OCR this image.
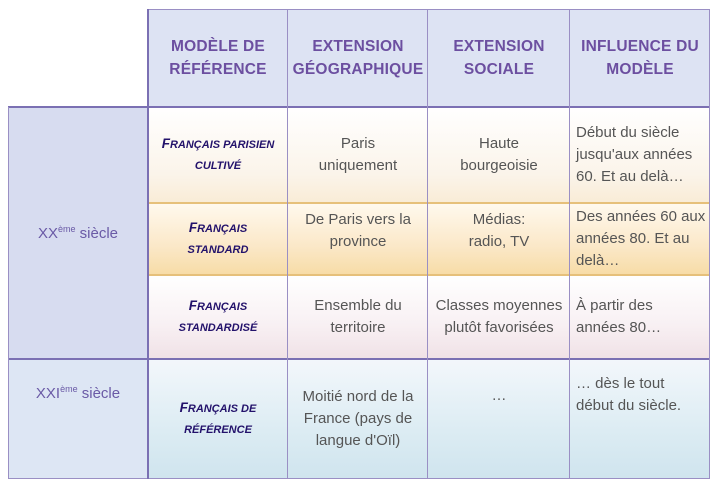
MODÈLE DE RÉFÉRENCE
EXTENSION GÉOGRAPHIQUE
EXTENSION SOCIALE
INFLUENCE DU MODÈLE
XXème siècle
XXIème siècle
FRANÇAIS PARISIEN
CULTIVÉ
Paris uniquement
Haute bourgeoisie
Début du siècle jusqu'aux années 60. Et au delà…
FRANÇAIS
STANDARD
De Paris vers la province
Médias: radio, TV
Des années 60 aux années 80. Et au delà…
FRANÇAIS
STANDARDISÉ
Ensemble du territoire
Classes moyennes plutôt favorisées
À partir des années 80…
FRANÇAIS DE
RÉFÉRENCE
Moitié nord de la France (pays de langue d'Oïl)
…
… dès le tout début du siècle.
